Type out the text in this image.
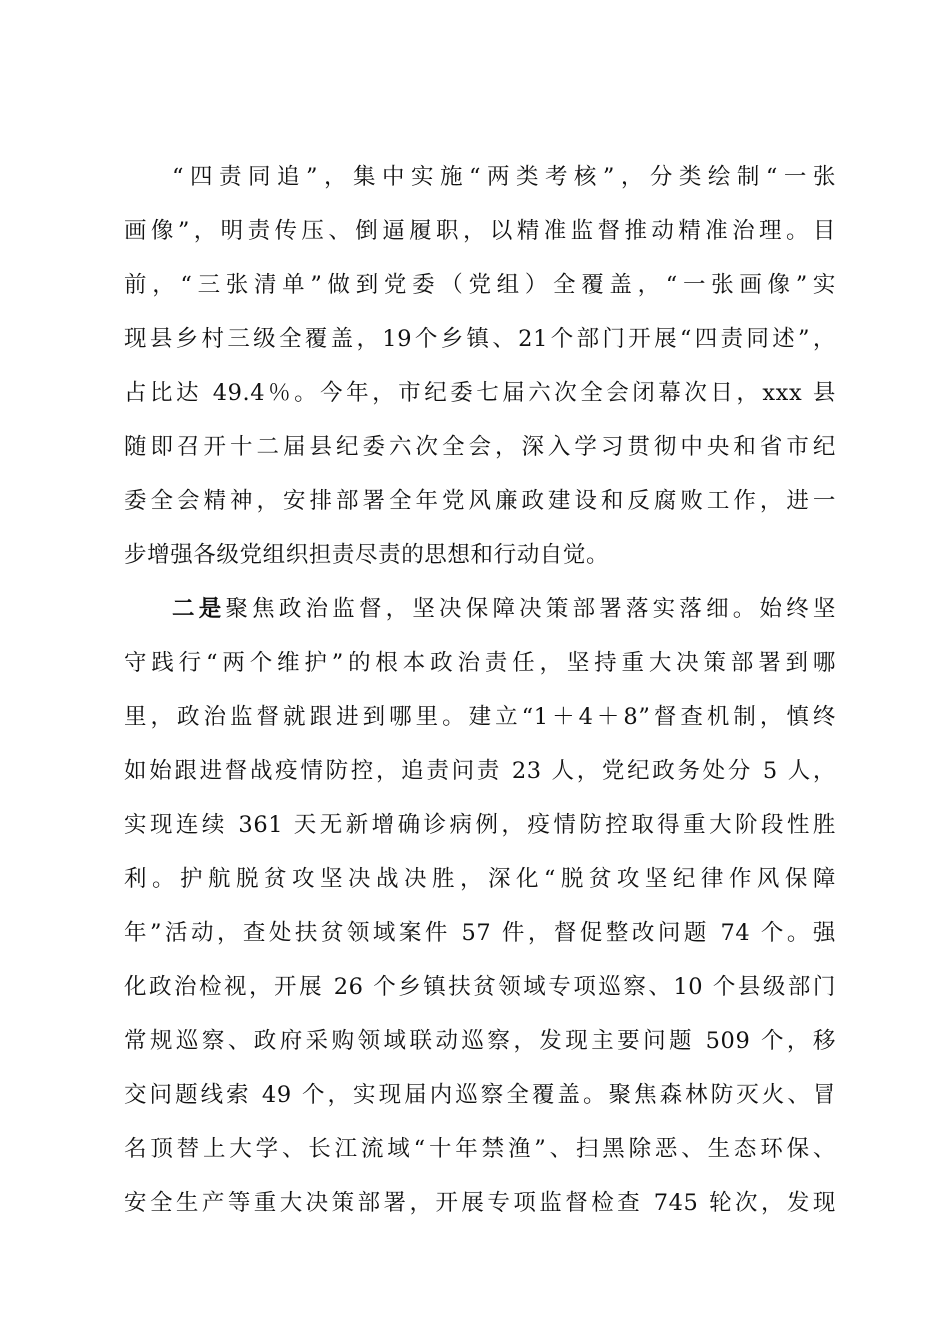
“四责同追”，集中实施“两类考核”，分类绘制“一张
画像”，明责传压、倒逼履职，以精准监督推动精准治理。目
前，“三张清单”做到党委（党组）全覆盖，“一张画像”实
现县乡村三级全覆盖，19个乡镇、21个部门开展“四责同述”，
占比达 49.4％。今年，市纪委七届六次全会闭幕次日，xxx 县
随即召开十二届县纪委六次全会，深入学习贯彻中央和省市纪
委全会精神，安排部署全年党风廉政建设和反腐败工作，进一
步增强各级党组织担责尽责的思想和行动自觉。
二是聚焦政治监督，坚决保障决策部署落实落细。始终坚
守践行“两个维护”的根本政治责任，坚持重大决策部署到哪
里，政治监督就跟进到哪里。建立“1＋4＋8”督查机制，慎终
如始跟进督战疫情防控，追责问责 23 人，党纪政务处分 5 人，
实现连续 361 天无新增确诊病例，疫情防控取得重大阶段性胜
利。护航脱贫攻坚决战决胜，深化“脱贫攻坚纪律作风保障
年”活动，查处扶贫领域案件 57 件，督促整改问题 74 个。强
化政治检视，开展 26 个乡镇扶贫领域专项巡察、10 个县级部门
常规巡察、政府采购领域联动巡察，发现主要问题 509 个，移
交问题线索 49 个，实现届内巡察全覆盖。聚焦森林防灭火、冒
名顶替上大学、长江流域“十年禁渔”、扫黑除恶、生态环保、
安全生产等重大决策部署，开展专项监督检查 745 轮次，发现
